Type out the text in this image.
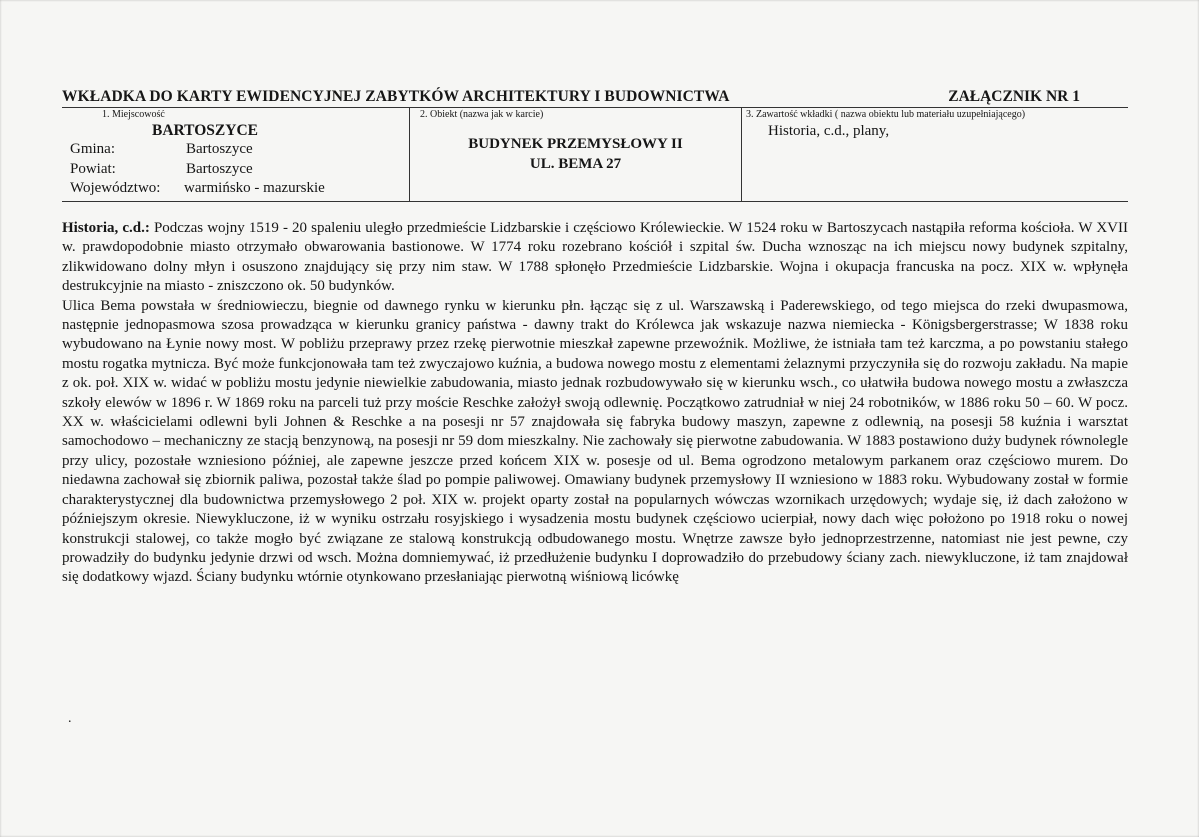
WKŁADKA DO KARTY EWIDENCYJNEJ ZABYTKÓW ARCHITEKTURY I BUDOWNICTWA	ZAŁĄCZNIK NR 1
1. Miejscowość
BARTOSZYCE
Gmina:	Bartoszyce
Powiat:	Bartoszyce
Województwo: warmińsko - mazurskie
2. Obiekt (nazwa jak w karcie)
BUDYNEK PRZEMYSŁOWY II
UL. BEMA 27
3. Zawartość wkładki ( nazwa obiektu lub materiału uzupełniającego)
Historia, c.d., plany,

Historia, c.d.: Podczas wojny 1519 - 20 spaleniu uległo przedmieście Lidzbarskie i częściowo Królewieckie. W 1524 roku w Bartoszycach nastąpiła reforma kościoła. W XVII w. prawdopodobnie miasto otrzymało obwarowania bastionowe. W 1774 roku rozebrano kościół i szpital św. Ducha wznosząc na ich miejscu nowy budynek szpitalny, zlikwidowano dolny młyn i osuszono znajdujący się przy nim staw. W 1788 spłonęło Przedmieście Lidzbarskie. Wojna i okupacja francuska na pocz. XIX w. wpłynęła destrukcyjnie na miasto - zniszczono ok. 50 budynków.

Ulica Bema powstała w średniowieczu, biegnie od dawnego rynku w kierunku płn. łącząc się z ul. Warszawską i Paderewskiego, od tego miejsca do rzeki dwupasmowa, następnie jednopasmowa szosa prowadząca w kierunku granicy państwa - dawny trakt do Królewca jak wskazuje nazwa niemiecka - Königsbergerstrasse; W 1838 roku wybudowano na Łynie nowy most. W pobliżu przeprawy przez rzekę pierwotnie mieszkał zapewne przewoźnik. Możliwe, że istniała tam też karczma, a po powstaniu stałego mostu rogatka mytnicza. Być może funkcjonowała tam też zwyczajowo kuźnia, a budowa nowego mostu z elementami żelaznymi przyczyniła się do rozwoju zakładu. Na mapie z ok. poł. XIX w. widać w pobliżu mostu jedynie niewielkie zabudowania, miasto jednak rozbudowywało się w kierunku wsch., co ułatwiła budowa nowego mostu a zwłaszcza szkoły elewów w 1896 r. W 1869 roku na parceli tuż przy moście Reschke założył swoją odlewnię. Początkowo zatrudniał w niej 24 robotników, w 1886 roku 50 – 60. W pocz. XX w. właścicielami odlewni byli Johnen & Reschke a na posesji nr 57 znajdowała się fabryka budowy maszyn, zapewne z odlewnią, na posesji 58 kuźnia i warsztat samochodowo – mechaniczny ze stacją benzynową, na posesji nr 59 dom mieszkalny. Nie zachowały się pierwotne zabudowania. W 1883 postawiono duży budynek równolegle przy ulicy, pozostałe wzniesiono później, ale zapewne jeszcze przed końcem XIX w. posesje od ul. Bema ogrodzono metalowym parkanem oraz częściowo murem. Do niedawna zachował się zbiornik paliwa, pozostał także ślad po pompie paliwowej. Omawiany budynek przemysłowy II wzniesiono w 1883 roku. Wybudowany został w formie charakterystycznej dla budownictwa przemysłowego 2 poł. XIX w. projekt oparty został na popularnych wówczas wzornikach urzędowych; wydaje się, iż dach założono w późniejszym okresie. Niewykluczone, iż w wyniku ostrzału rosyjskiego i wysadzenia mostu budynek częściowo ucierpiał, nowy dach więc położono po 1918 roku o nowej konstrukcji stalowej, co także mogło być związane ze stalową konstrukcją odbudowanego mostu. Wnętrze zawsze było jednoprzestrzenne, natomiast nie jest pewne, czy prowadziły do budynku jedynie drzwi od wsch. Można domniemywać, iż przedłużenie budynku I doprowadziło do przebudowy ściany zach. niewykluczone, iż tam znajdował się dodatkowy wjazd. Ściany budynku wtórnie otynkowano przesłaniając pierwotną wiśniową licówkę

.
